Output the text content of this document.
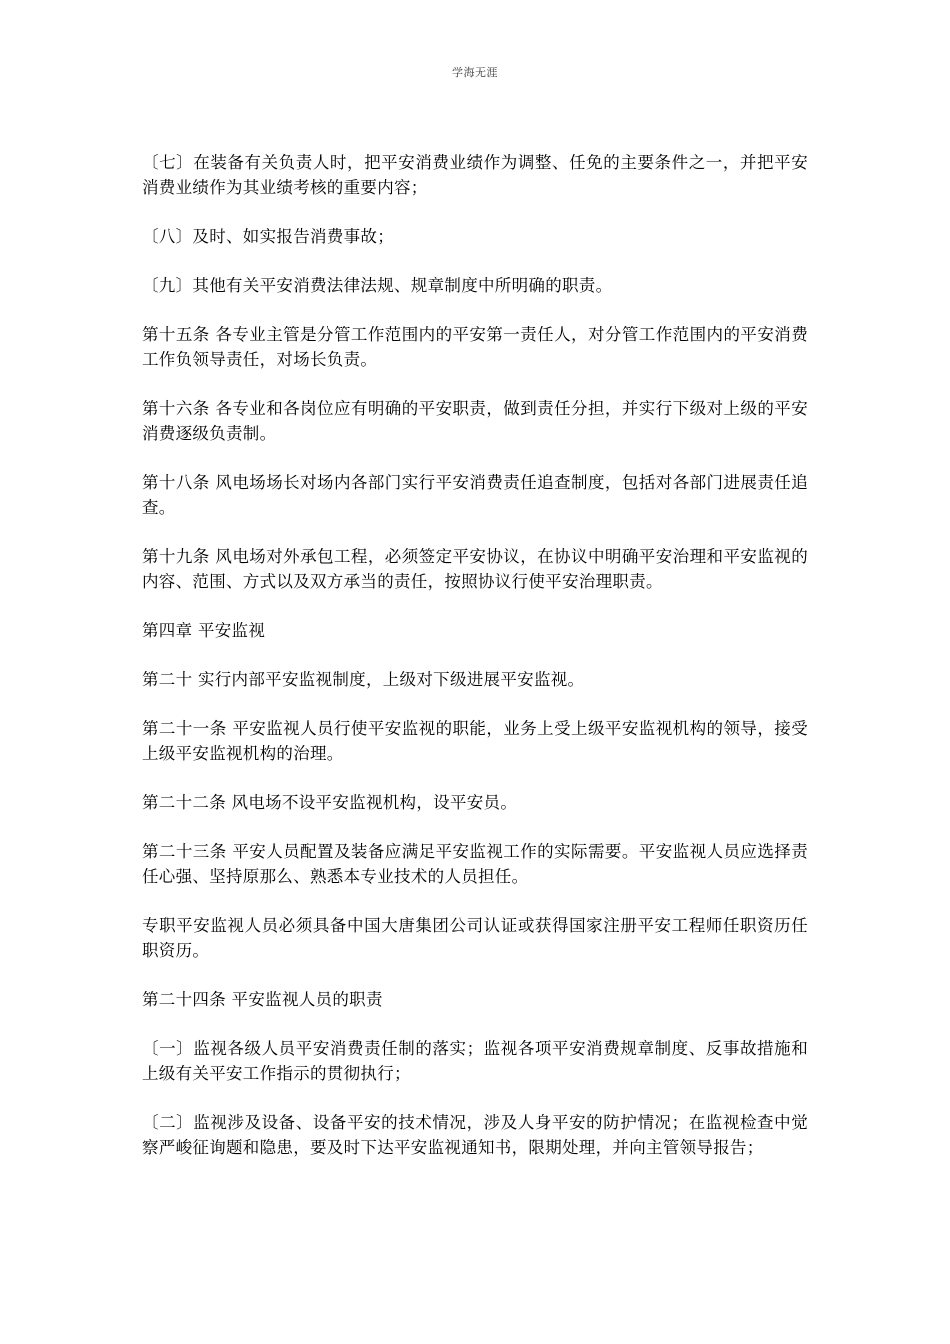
学海无涯

〔七〕在装备有关负责人时，把平安消费业绩作为调整、任免的主要条件之一，并把平安消费业绩作为其业绩考核的重要内容；

〔八〕及时、如实报告消费事故；

〔九〕其他有关平安消费法律法规、规章制度中所明确的职责。

第十五条 各专业主管是分管工作范围内的平安第一责任人，对分管工作范围内的平安消费工作负领导责任，对场长负责。

第十六条 各专业和各岗位应有明确的平安职责，做到责任分担，并实行下级对上级的平安消费逐级负责制。

第十八条 风电场场长对场内各部门实行平安消费责任追查制度，包括对各部门进展责任追查。

第十九条 风电场对外承包工程，必须签定平安协议，在协议中明确平安治理和平安监视的内容、范围、方式以及双方承当的责任，按照协议行使平安治理职责。

第四章 平安监视

第二十 实行内部平安监视制度，上级对下级进展平安监视。

第二十一条 平安监视人员行使平安监视的职能，业务上受上级平安监视机构的领导，接受上级平安监视机构的治理。

第二十二条 风电场不设平安监视机构，设平安员。

第二十三条 平安人员配置及装备应满足平安监视工作的实际需要。平安监视人员应选择责任心强、坚持原那么、熟悉本专业技术的人员担任。

专职平安监视人员必须具备中国大唐集团公司认证或获得国家注册平安工程师任职资历任职资历。

第二十四条 平安监视人员的职责

〔一〕监视各级人员平安消费责任制的落实；监视各项平安消费规章制度、反事故措施和上级有关平安工作指示的贯彻执行；

〔二〕监视涉及设备、设备平安的技术情况，涉及人身平安的防护情况；在监视检查中觉察严峻征询题和隐患，要及时下达平安监视通知书，限期处理，并向主管领导报告；
